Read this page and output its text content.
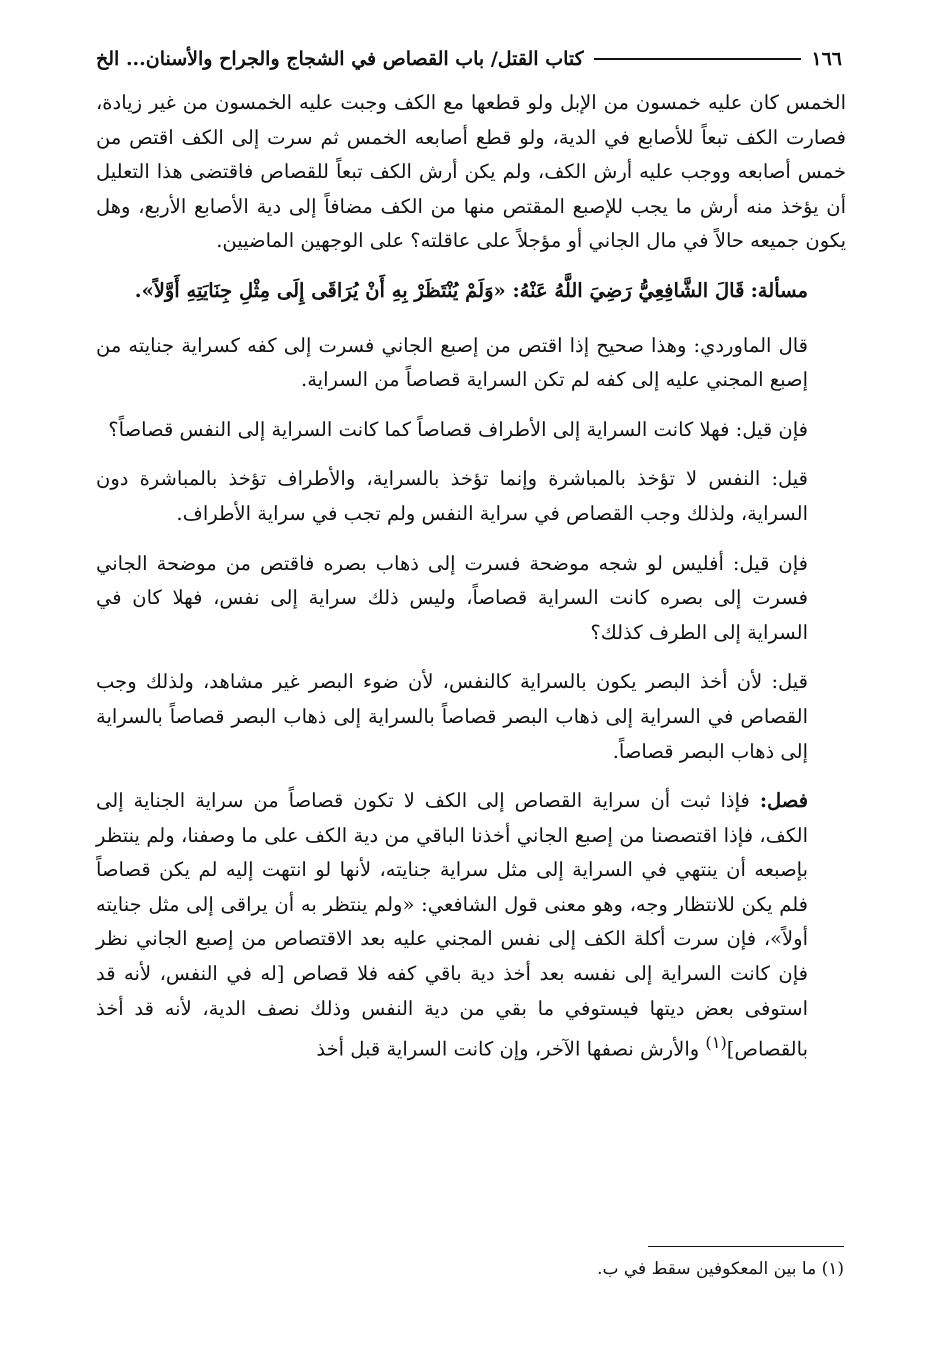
١٦٦
كتاب القتل/ باب القصاص في الشجاج والجراح والأسنان... الخ

الخمس كان عليه خمسون من الإبل ولو قطعها مع الكف وجبت عليه الخمسون من غير زيادة، فصارت الكف تبعاً للأصابع في الدية، ولو قطع أصابعه الخمس ثم سرت إلى الكف اقتص من خمس أصابعه ووجب عليه أرش الكف، ولم يكن أرش الكف تبعاً للقصاص فاقتضى هذا التعليل أن يؤخذ منه أرش ما يجب للإصبع المقتص منها من الكف مضافاً إلى دية الأصابع الأربع، وهل يكون جميعه حالاً في مال الجاني أو مؤجلاً على عاقلته؟ على الوجهين الماضيين.

مسألة: قَالَ الشَّافِعِيُّ رَضِيَ اللَّهُ عَنْهُ: «وَلَمْ يُنْتَظَرْ بِهِ أَنْ يُرَاقَى إِلَى مِثْلِ جِنَايَتِهِ أَوَّلاً».

قال الماوردي: وهذا صحيح إذا اقتص من إصبع الجاني فسرت إلى كفه كسراية جنايته من إصبع المجني عليه إلى كفه لم تكن السراية قصاصاً من السراية.

فإن قيل: فهلا كانت السراية إلى الأطراف قصاصاً كما كانت السراية إلى النفس قصاصاً؟

قيل: النفس لا تؤخذ بالمباشرة وإنما تؤخذ بالسراية، والأطراف تؤخذ بالمباشرة دون السراية، ولذلك وجب القصاص في سراية النفس ولم تجب في سراية الأطراف.

فإن قيل: أفليس لو شجه موضحة فسرت إلى ذهاب بصره فاقتص من موضحة الجاني فسرت إلى بصره كانت السراية قصاصاً، وليس ذلك سراية إلى نفس، فهلا كان في السراية إلى الطرف كذلك؟

قيل: لأن أخذ البصر يكون بالسراية كالنفس، لأن ضوء البصر غير مشاهد، ولذلك وجب القصاص في السراية إلى ذهاب البصر قصاصاً بالسراية إلى ذهاب البصر قصاصاً بالسراية إلى ذهاب البصر قصاصاً.

فصل: فإذا ثبت أن سراية القصاص إلى الكف لا تكون قصاصاً من سراية الجناية إلى الكف، فإذا اقتصصنا من إصبع الجاني أخذنا الباقي من دية الكف على ما وصفنا، ولم ينتظر بإصبعه أن ينتهي في السراية إلى مثل سراية جنايته، لأنها لو انتهت إليه لم يكن قصاصاً فلم يكن للانتظار وجه، وهو معنى قول الشافعي: «ولم ينتظر به أن يراقى إلى مثل جنايته أولاً»، فإن سرت أكلة الكف إلى نفس المجني عليه بعد الاقتصاص من إصبع الجاني نظر فإن كانت السراية إلى نفسه بعد أخذ دية باقي كفه فلا قصاص [له في النفس، لأنه قد استوفى بعض ديتها فيستوفي ما بقي من دية النفس وذلك نصف الدية، لأنه قد أخذ بالقصاص]$^{(١)}$ والأرش نصفها الآخر، وإن كانت السراية قبل أخذ

(١) ما بين المعكوفين سقط في ب.
